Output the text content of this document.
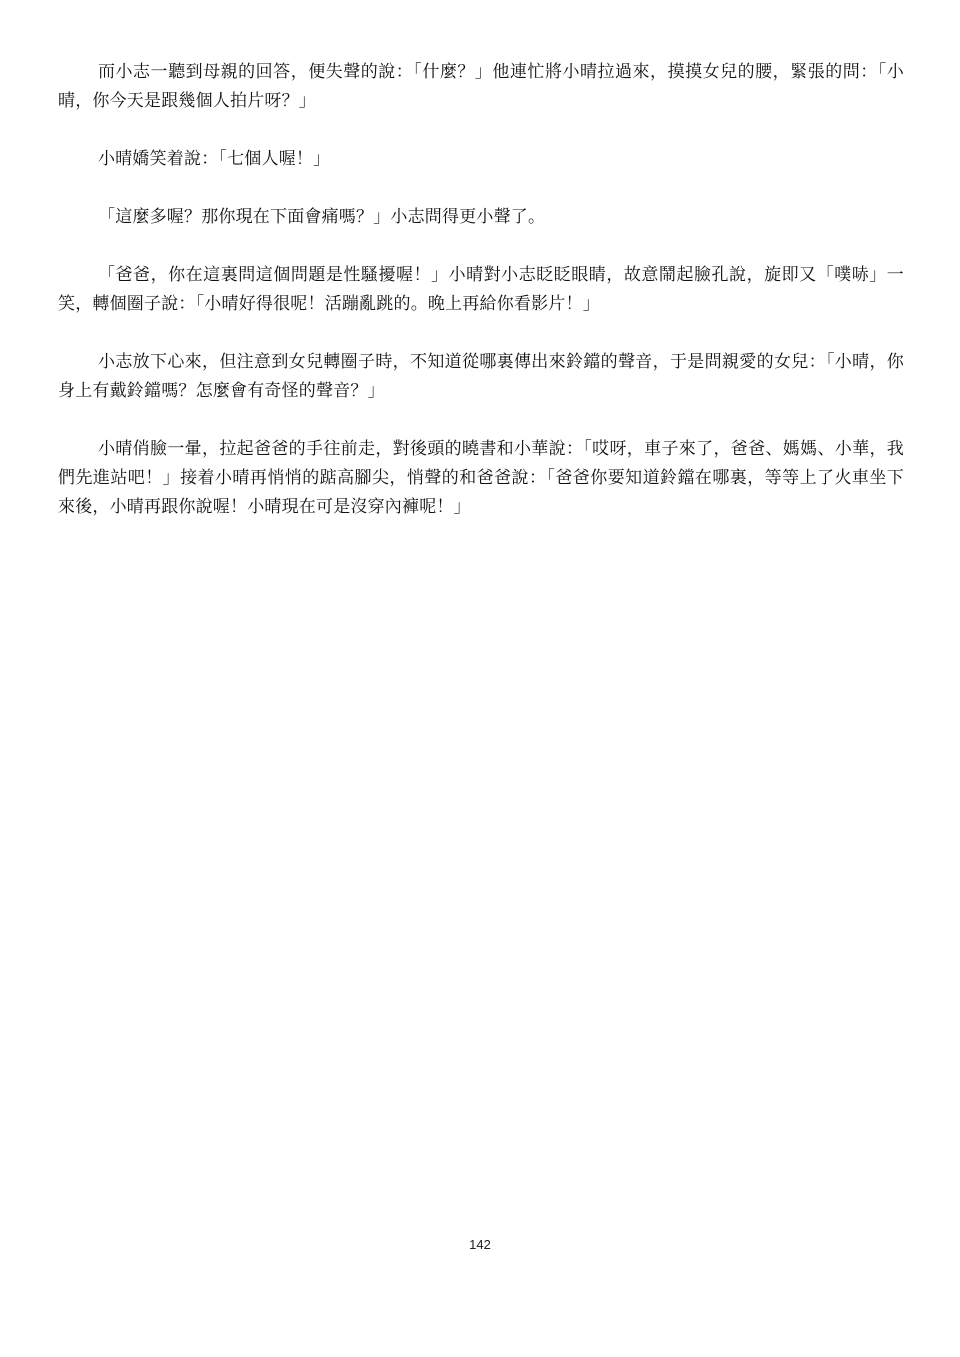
而小志一聽到母親的回答，便失聲的說：「什麼？」他連忙將小晴拉過來，摸摸女兒的腰，緊張的問：「小晴，你今天是跟幾個人拍片呀？」

小晴嬌笑着說：「七個人喔！」

「這麼多喔？那你現在下面會痛嗎？」小志問得更小聲了。

「爸爸，你在這裏問這個問題是性騷擾喔！」小晴對小志眨眨眼睛，故意鬧起臉孔說，旋即又「噗哧」一笑，轉個圈子說：「小晴好得很呢！活蹦亂跳的。晚上再給你看影片！」

小志放下心來，但注意到女兒轉圈子時，不知道從哪裏傳出來鈴鐺的聲音，于是問親愛的女兒：「小晴，你身上有戴鈴鐺嗎？怎麼會有奇怪的聲音？」

小晴俏臉一暈，拉起爸爸的手往前走，對後頭的曉書和小華說：「哎呀，車子來了，爸爸、媽媽、小華，我們先進站吧！」接着小晴再悄悄的踮高腳尖，悄聲的和爸爸說：「爸爸你要知道鈴鐺在哪裏，等等上了火車坐下來後，小晴再跟你說喔！小晴現在可是沒穿內褲呢！」

142
